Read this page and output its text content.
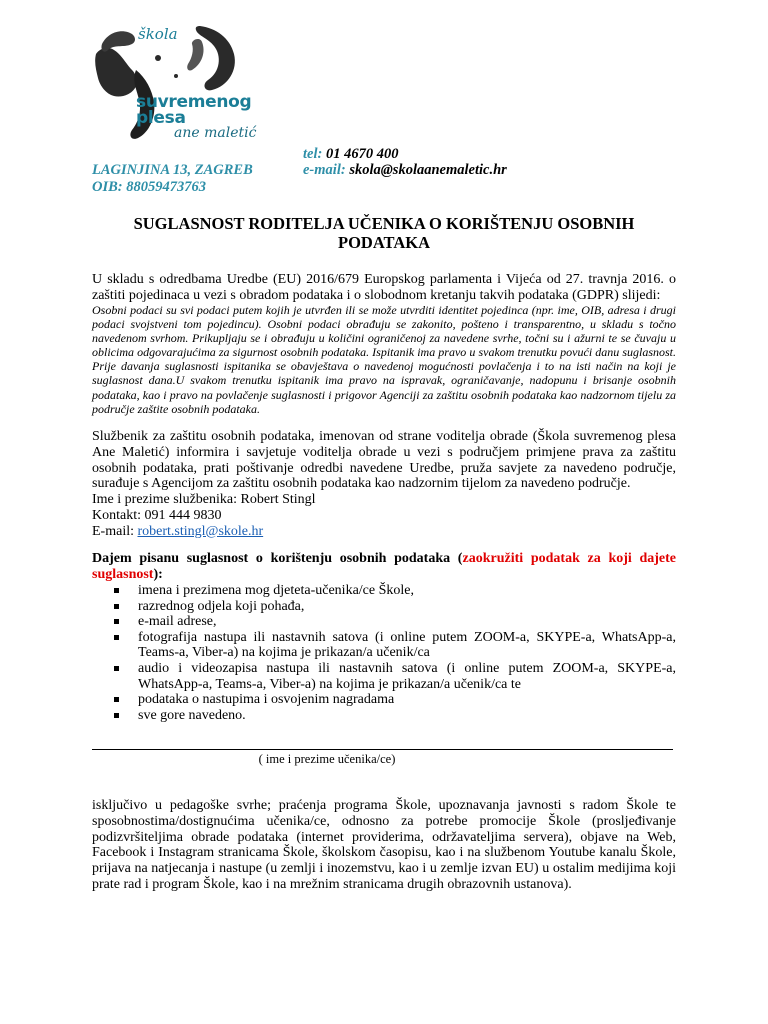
škola
suvremenog
plesa
ane maletić
tel: 01 4670 400
e-mail: skola@skolaanemaletic.hr
LAGINJINA 13, ZAGREB
OIB: 88059473763
SUGLASNOST RODITELJA UČENIKA O KORIŠTENJU OSOBNIH PODATAKA
U skladu s odredbama Uredbe (EU) 2016/679 Europskog parlamenta i Vijeća od 27. travnja 2016. o zaštiti pojedinaca u vezi s obradom podataka i o slobodnom kretanju takvih podataka (GDPR) slijedi:
Osobni podaci su svi podaci putem kojih je utvrđen ili se može utvrditi identitet pojedinca (npr. ime, OIB, adresa i drugi podaci svojstveni tom pojedincu). Osobni podaci obrađuju se zakonito, pošteno i transparentno, u skladu s točno navedenom svrhom. Prikupljaju se i obrađuju u količini ograničenoj za navedene svrhe, točni su i ažurni te se čuvaju u oblicima odgovarajućima za sigurnost osobnih podataka. Ispitanik ima pravo u svakom trenutku povući danu suglasnost. Prije davanja suglasnosti ispitanika se obavještava o navedenoj mogućnosti povlačenja i to na isti način na koji je suglasnost dana.U svakom trenutku ispitanik ima pravo na ispravak, ograničavanje, nadopunu i brisanje osobnih podataka, kao i pravo na povlačenje suglasnosti i prigovor Agenciji za zaštitu osobnih podataka kao nadzornom tijelu za područje zaštite osobnih podataka.

Službenik za zaštitu osobnih podataka, imenovan od strane voditelja obrade (Škola suvremenog plesa Ane Maletić) informira i savjetuje voditelja obrade u vezi s područjem primjene prava za zaštitu osobnih podataka, prati poštivanje odredbi navedene Uredbe, pruža savjete za navedeno područje, surađuje s Agencijom za zaštitu osobnih podataka kao nadzornim tijelom za navedeno područje.

Ime i prezime službenika: Robert Stingl

Kontakt: 091 444 9830

E-mail: robert.stingl@skole.hr

Dajem pisanu suglasnost o korištenju osobnih podataka (zaokružiti podatak za koji dajete suglasnost):
imena i prezimena mog djeteta-učenika/ce Škole,
razrednog odjela koji pohađa,
e-mail adrese,
fotografija nastupa ili nastavnih satova (i online putem ZOOM-a, SKYPE-a, WhatsApp-a, Teams-a, Viber-a) na kojima je prikazan/a učenik/ca
audio i videozapisa nastupa ili nastavnih satova (i online putem ZOOM-a, SKYPE-a, WhatsApp-a, Teams-a, Viber-a) na kojima je prikazan/a učenik/ca te
podataka o nastupima i osvojenim nagradama
sve gore navedeno.
( ime i prezime učenika/ce)
isključivo u pedagoške svrhe; praćenja programa Škole, upoznavanja javnosti s radom Škole te sposobnostima/dostignućima učenika/ce, odnosno za potrebe promocije Škole (prosljeđivanje podizvršiteljima obrade podataka (internet providerima, održavateljima servera), objave na Web, Facebook i Instagram stranicama Škole, školskom časopisu, kao i na službenom Youtube kanalu Škole, prijava na natjecanja i nastupe (u zemlji i inozemstvu, kao i u zemlje izvan EU) u ostalim medijima koji prate rad i program Škole, kao i na mrežnim stranicama drugih obrazovnih ustanova).
